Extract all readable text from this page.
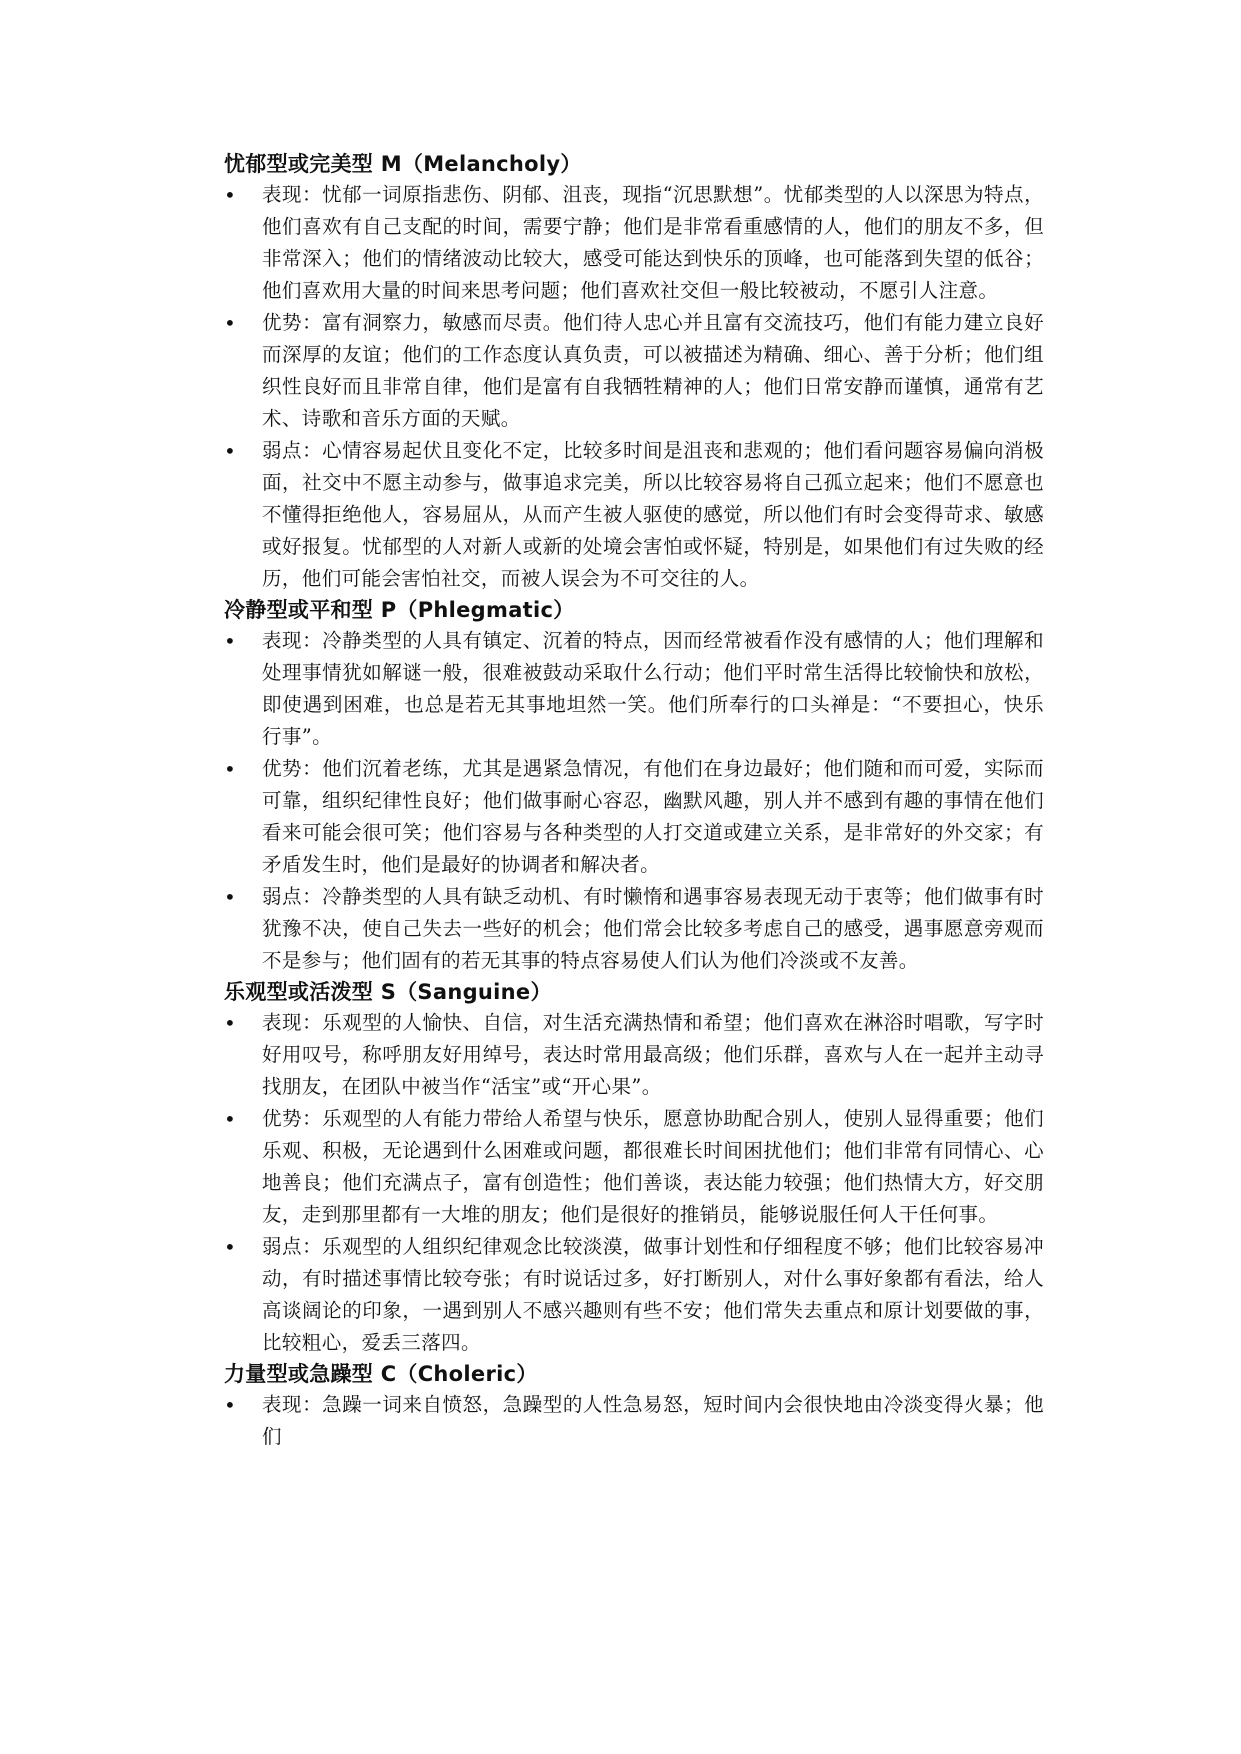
忧郁型或完美型 M（Melancholy）
•	表现：忧郁一词原指悲伤、阴郁、沮丧，现指“沉思默想”。忧郁类型的人以深思为特点，他们喜欢有自己支配的时间，需要宁静；他们是非常看重感情的人，他们的朋友不多，但非常深入；他们的情绪波动比较大，感受可能达到快乐的顶峰，也可能落到失望的低谷；他们喜欢用大量的时间来思考问题；他们喜欢社交但一般比较被动，不愿引人注意。
•	优势：富有洞察力，敏感而尽责。他们待人忠心并且富有交流技巧，他们有能力建立良好而深厚的友谊；他们的工作态度认真负责，可以被描述为精确、细心、善于分析；他们组织性良好而且非常自律，他们是富有自我牺牲精神的人；他们日常安静而谨慎，通常有艺术、诗歌和音乐方面的天赋。
•	弱点：心情容易起伏且变化不定，比较多时间是沮丧和悲观的；他们看问题容易偏向消极面，社交中不愿主动参与，做事追求完美，所以比较容易将自己孤立起来；他们不愿意也不懂得拒绝他人，容易屈从，从而产生被人驱使的感觉，所以他们有时会变得苛求、敏感或好报复。忧郁型的人对新人或新的处境会害怕或怀疑，特别是，如果他们有过失败的经历，他们可能会害怕社交，而被人误会为不可交往的人。
冷静型或平和型 P（Phlegmatic）
•	表现：冷静类型的人具有镇定、沉着的特点，因而经常被看作没有感情的人；他们理解和处理事情犹如解谜一般，很难被鼓动采取什么行动；他们平时常生活得比较愉快和放松，即使遇到困难，也总是若无其事地坦然一笑。他们所奉行的口头禅是：“不要担心，快乐行事”。
•	优势：他们沉着老练，尤其是遇紧急情况，有他们在身边最好；他们随和而可爱，实际而可靠，组织纪律性良好；他们做事耐心容忍，幽默风趣，别人并不感到有趣的事情在他们看来可能会很可笑；他们容易与各种类型的人打交道或建立关系，是非常好的外交家；有矛盾发生时，他们是最好的协调者和解决者。
•	弱点：冷静类型的人具有缺乏动机、有时懒惰和遇事容易表现无动于衷等；他们做事有时犹豫不决，使自己失去一些好的机会；他们常会比较多考虑自己的感受，遇事愿意旁观而不是参与；他们固有的若无其事的特点容易使人们认为他们冷淡或不友善。
乐观型或活泼型 S（Sanguine）
•	表现：乐观型的人愉快、自信，对生活充满热情和希望；他们喜欢在淋浴时唱歌，写字时好用叹号，称呼朋友好用绰号，表达时常用最高级；他们乐群，喜欢与人在一起并主动寻找朋友，在团队中被当作“活宝”或“开心果”。
•	优势：乐观型的人有能力带给人希望与快乐，愿意协助配合别人，使别人显得重要；他们乐观、积极，无论遇到什么困难或问题，都很难长时间困扰他们；他们非常有同情心、心地善良；他们充满点子，富有创造性；他们善谈，表达能力较强；他们热情大方，好交朋友，走到那里都有一大堆的朋友；他们是很好的推销员，能够说服任何人干任何事。
•	弱点：乐观型的人组织纪律观念比较淡漠，做事计划性和仔细程度不够；他们比较容易冲动，有时描述事情比较夸张；有时说话过多，好打断别人，对什么事好象都有看法，给人高谈阔论的印象，一遇到别人不感兴趣则有些不安；他们常失去重点和原计划要做的事，比较粗心，爱丢三落四。
力量型或急躁型 C（Choleric）
•	表现：急躁一词来自愤怒，急躁型的人性急易怒，短时间内会很快地由冷淡变得火暴；他们
